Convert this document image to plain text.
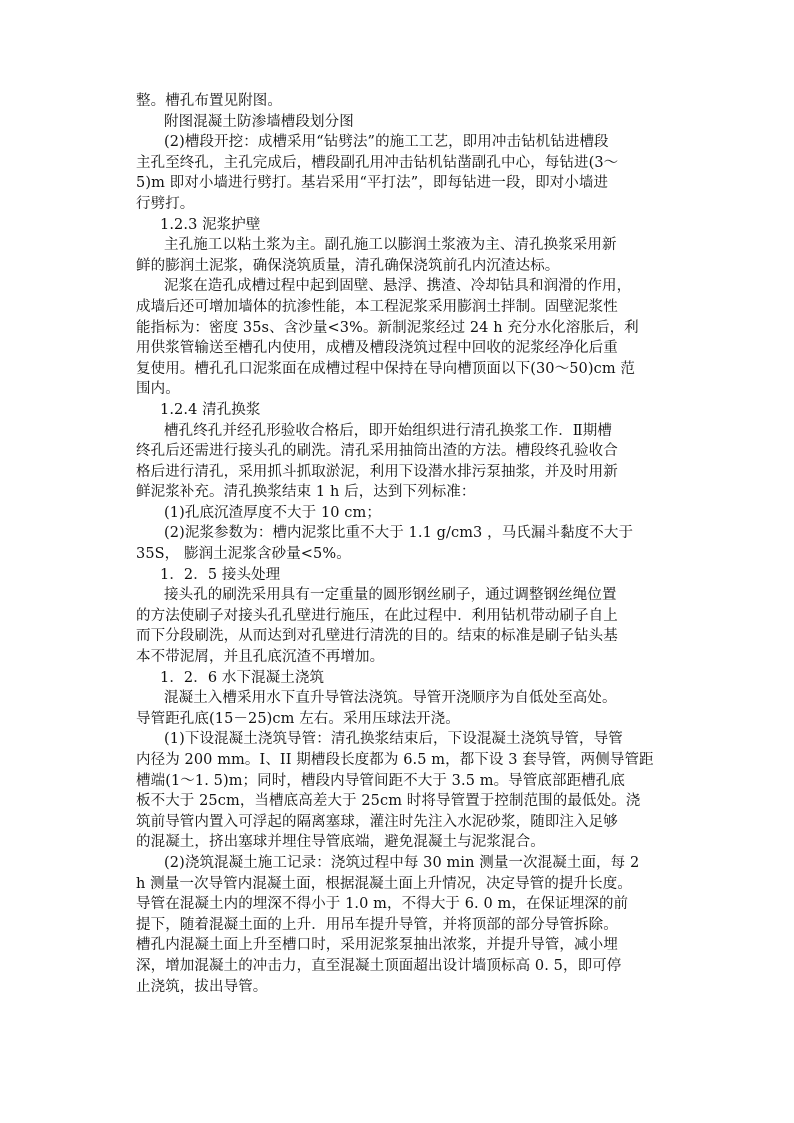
整。槽孔布置见附图。
附图混凝土防渗墙槽段划分图
(2)槽段开挖：成槽采用“钻劈法”的施工工艺，即用冲击钻机钻进槽段
主孔至终孔，主孔完成后，槽段副孔用冲击钻机钻凿副孔中心，每钻进(3～
5)m 即对小墙进行劈打。基岩采用“平打法”，即每钻进一段，即对小墙进
行劈打。
1.2.3 泥浆护壁
主孔施工以粘土浆为主。副孔施工以膨润土浆液为主、清孔换浆采用新
鲜的膨润土泥浆，确保浇筑质量，清孔确保浇筑前孔内沉渣达标。
泥浆在造孔成槽过程中起到固壁、悬浮、携渣、冷却钻具和润滑的作用，
成墙后还可增加墙体的抗渗性能，本工程泥浆采用膨润土拌制。固壁泥浆性
能指标为：密度 35s、含沙量<3%。新制泥浆经过 24 h 充分水化溶胀后，利
用供浆管输送至槽孔内使用，成槽及槽段浇筑过程中回收的泥浆经净化后重
复使用。槽孔孔口泥浆面在成槽过程中保持在导向槽顶面以下(30～50)cm 范
围内。
1.2.4 清孔换浆
槽孔终孔并经孔形验收合格后，即开始组织进行清孔换浆工作．Ⅱ期槽
终孔后还需进行接头孔的刷洗。清孔采用抽筒出渣的方法。槽段终孔验收合
格后进行清孔，采用抓斗抓取淤泥，利用下设潜水排污泵抽浆，并及时用新
鲜泥浆补充。清孔换浆结束 1 h 后，达到下列标准：
(1)孔底沉渣厚度不大于 10 cm；
(2)泥浆参数为：槽内泥浆比重不大于 1.1 g/cm3 ，马氏漏斗黏度不大于
35S， 膨润土泥浆含砂量<5%。
1．2．5 接头处理
接头孔的刷洗采用具有一定重量的圆形钢丝刷子，通过调整钢丝绳位置
的方法使刷子对接头孔孔壁进行施压，在此过程中．利用钻机带动刷子自上
而下分段刷洗，从而达到对孔壁进行清洗的目的。结束的标准是刷子钻头基
本不带泥屑，并且孔底沉渣不再增加。
1．2．6 水下混凝土浇筑
混凝土入槽采用水下直升导管法浇筑。导管开浇顺序为自低处至高处。
导管距孔底(15－25)cm 左右。采用压球法开浇。
(1)下设混凝土浇筑导管：清孔换浆结束后，下设混凝土浇筑导管，导管
内径为 200 mm。I、II 期槽段长度都为 6.5 m，都下设 3 套导管，两侧导管距
槽端(1～1. 5)m；同时，槽段内导管间距不大于 3.5 m。导管底部距槽孔底
板不大于 25cm，当槽底高差大于 25cm 时将导管置于控制范围的最低处。浇
筑前导管内置入可浮起的隔离塞球，灌注时先注入水泥砂浆，随即注入足够
的混凝土，挤出塞球并埋住导管底端，避免混凝土与泥浆混合。
(2)浇筑混凝土施工记录：浇筑过程中每 30 min 测量一次混凝土面，每 2
h 测量一次导管内混凝土面，根据混凝土面上升情况，决定导管的提升长度。
导管在混凝土内的埋深不得小于 1.0 m，不得大于 6. 0 m，在保证埋深的前
提下，随着混凝土面的上升．用吊车提升导管，并将顶部的部分导管拆除。
槽孔内混凝土面上升至槽口时，采用泥浆泵抽出浓浆，并提升导管，减小埋
深，增加混凝土的冲击力，直至混凝土顶面超出设计墙顶标高 0. 5，即可停
止浇筑，拔出导管。
